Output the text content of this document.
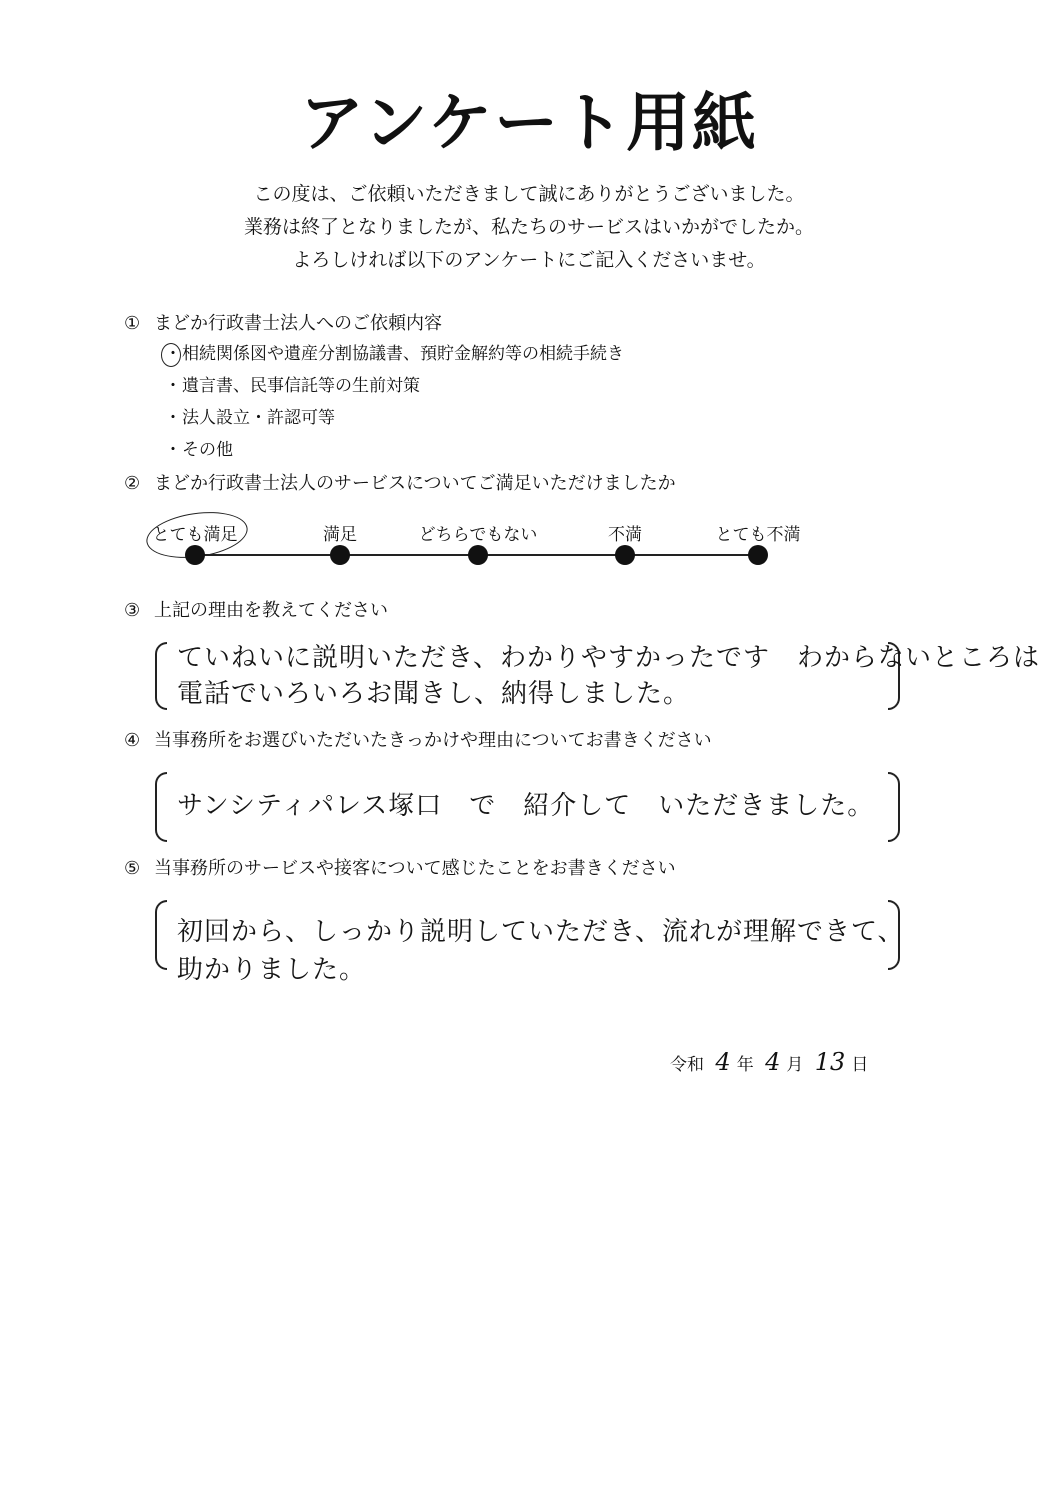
アンケート用紙
この度は、ご依頼いただきまして誠にありがとうございました。
業務は終了となりましたが、私たちのサービスはいかがでしたか。
よろしければ以下のアンケートにご記入くださいませ。
① まどか行政書士法人へのご依頼内容
・相続関係図や遺産分割協議書、預貯金解約等の相続手続き
・遺言書、民事信託等の生前対策
・法人設立・許認可等
・その他
② まどか行政書士法人のサービスについてご満足いただけましたか
とても満足	満足	どちらでもない	不満	とても不満
③ 上記の理由を教えてください
ていねいに説明いただき、わかりやすかったです　わからないところは
電話でいろいろお聞きし、納得しました。
④ 当事務所をお選びいただいたきっかけや理由についてお書きください
サンシティパレス塚口　で　紹介して　いただきました。
⑤ 当事務所のサービスや接客について感じたことをお書きください
初回から、しっかり説明していただき、流れが理解できて、
助かりました。
令和 4 年 4 月 13 日
